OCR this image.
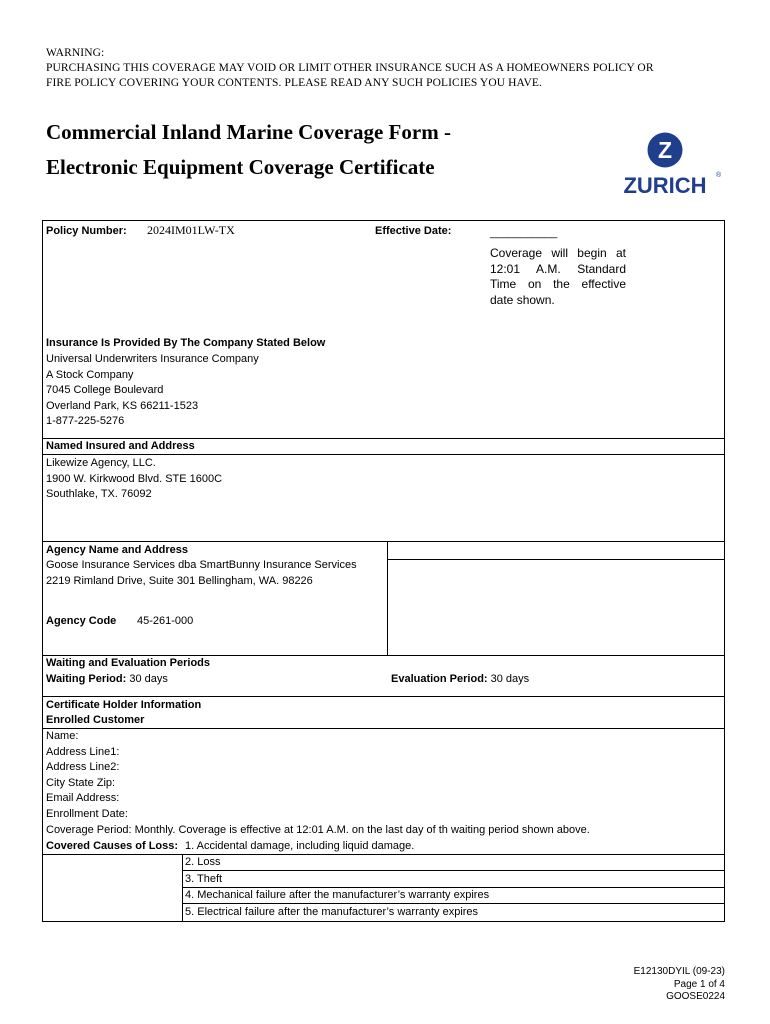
WARNING:
PURCHASING THIS COVERAGE MAY VOID OR LIMIT OTHER INSURANCE SUCH AS A HOMEOWNERS POLICY OR
FIRE POLICY COVERING YOUR CONTENTS. PLEASE READ ANY SUCH POLICIES YOU HAVE.
Commercial Inland Marine Coverage Form -
Electronic Equipment Coverage Certificate
Z
ZURICH ®
Policy Number: 2024IM01LW-TX	Effective Date:	___________
Coverage will begin at
12:01 A.M. Standard
Time on the effective
date shown.
Insurance Is Provided By The Company Stated Below
Universal Underwriters Insurance Company
A Stock Company
7045 College Boulevard
Overland Park, KS 66211-1523
1-877-225-5276
Named Insured and Address
Likewize Agency, LLC.
1900 W. Kirkwood Blvd. STE 1600C
Southlake, TX. 76092
Agency Name and Address
Goose Insurance Services dba SmartBunny Insurance Services
2219 Rimland Drive, Suite 301 Bellingham, WA. 98226
Agency Code 45-261-000
Waiting and Evaluation Periods
Waiting Period: 30 days	Evaluation Period: 30 days
Certificate Holder Information
Enrolled Customer
Name:
Address Line1:
Address Line2:
City State Zip:
Email Address:
Enrollment Date:
Coverage Period: Monthly. Coverage is effective at 12:01 A.M. on the last day of th waiting period shown above.
Covered Causes of Loss: 1. Accidental damage, including liquid damage.
2. Loss
3. Theft
4. Mechanical failure after the manufacturer’s warranty expires
5. Electrical failure after the manufacturer’s warranty expires
E12130DYIL (09-23)
Page 1 of 4
GOOSE0224
